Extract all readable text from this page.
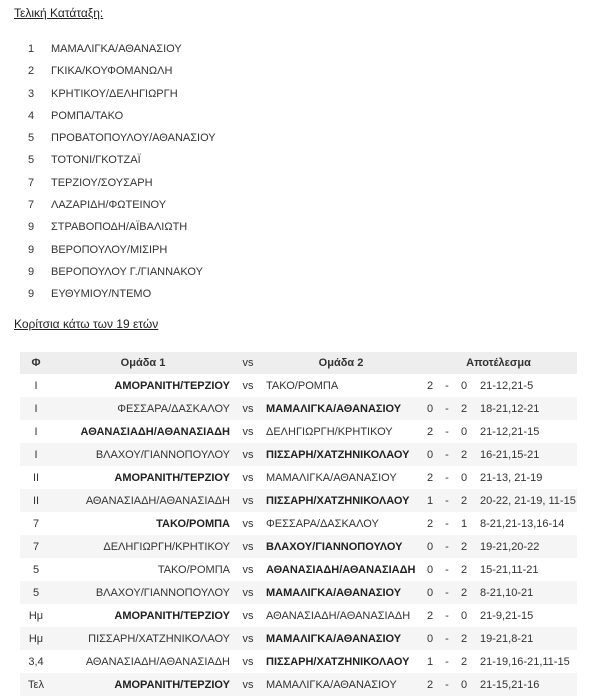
Τελική Κατάταξη:

1 ΜΑΜΑΛΙΓΚΑ/ΑΘΑΝΑΣΙΟΥ
2 ΓΚΙΚΑ/ΚΟΥΦΟΜΑΝΩΛΗ
3 ΚΡΗΤΙΚΟΥ/ΔΕΛΗΓΙΩΡΓΗ
4 ΡΟΜΠΑ/ΤΑΚΟ
5 ΠΡΟΒΑΤΟΠΟΥΛΟΥ/ΑΘΑΝΑΣΙΟΥ
5 ΤΟΤΟΝΙ/ΓΚΟΤΖΑΪ
7 ΤΕΡΖΙΟΥ/ΣΟΥΣΑΡΗ
7 ΛΑΖΑΡΙΔΗ/ΦΩΤΕΙΝΟΥ
9 ΣΤΡΑΒΟΠΟΔΗ/ΑΪΒΑΛΙΩΤΗ
9 ΒΕΡΟΠΟΥΛΟΥ/ΜΙΣΙΡΗ
9 ΒΕΡΟΠΟΥΛΟΥ Γ./ΓΙΑΝΝΑΚΟΥ
9 ΕΥΘΥΜΙΟΥ/ΝΤΕΜΟ

Κορίτσια κάτω των 19 ετών

Φ	Ομάδα 1	vs	Ομάδα 2	Αποτέλεσμα			
I	ΑΜΟΡΑΝΙΤΗ/ΤΕΡΖΙΟΥ	vs	ΤΑΚΟ/ΡΟΜΠΑ	2	-	0	21-12,21-5
I	ΦΕΣΣΑΡΑ/ΔΑΣΚΑΛΟΥ	vs	ΜΑΜΑΛΙΓΚΑ/ΑΘΑΝΑΣΙΟΥ	0	-	2	18-21,12-21
I	ΑΘΑΝΑΣΙΑΔΗ/ΑΘΑΝΑΣΙΑΔΗ	vs	ΔΕΛΗΓΙΩΡΓΗ/ΚΡΗΤΙΚΟΥ	2	-	0	21-12,21-15
I	ΒΛΑΧΟΥ/ΓΙΑΝΝΟΠΟΥΛΟΥ	vs	ΠΙΣΣΑΡΗ/ΧΑΤΖΗΝΙΚΟΛΑΟΥ	0	-	2	16-21,15-21
II	ΑΜΟΡΑΝΙΤΗ/ΤΕΡΖΙΟΥ	vs	ΜΑΜΑΛΙΓΚΑ/ΑΘΑΝΑΣΙΟΥ	2	-	0	21-13, 21-19
II	ΑΘΑΝΑΣΙΑΔΗ/ΑΘΑΝΑΣΙΑΔΗ	vs	ΠΙΣΣΑΡΗ/ΧΑΤΖΗΝΙΚΟΛΑΟΥ	1	-	2	20-22, 21-19, 11-15
7	ΤΑΚΟ/ΡΟΜΠΑ	vs	ΦΕΣΣΑΡΑ/ΔΑΣΚΑΛΟΥ	2	-	1	8-21,21-13,16-14
7	ΔΕΛΗΓΙΩΡΓΗ/ΚΡΗΤΙΚΟΥ	vs	ΒΛΑΧΟΥ/ΓΙΑΝΝΟΠΟΥΛΟΥ	0	-	2	19-21,20-22
5	ΤΑΚΟ/ΡΟΜΠΑ	vs	ΑΘΑΝΑΣΙΑΔΗ/ΑΘΑΝΑΣΙΑΔΗ	0	-	2	15-21,11-21
5	ΒΛΑΧΟΥ/ΓΙΑΝΝΟΠΟΥΛΟΥ	vs	ΜΑΜΑΛΙΓΚΑ/ΑΘΑΝΑΣΙΟΥ	0	-	2	8-21,10-21
Ημ	ΑΜΟΡΑΝΙΤΗ/ΤΕΡΖΙΟΥ	vs	ΑΘΑΝΑΣΙΑΔΗ/ΑΘΑΝΑΣΙΑΔΗ	2	-	0	21-9,21-15
Ημ	ΠΙΣΣΑΡΗ/ΧΑΤΖΗΝΙΚΟΛΑΟΥ	vs	ΜΑΜΑΛΙΓΚΑ/ΑΘΑΝΑΣΙΟΥ	0	-	2	19-21,8-21
3,4	ΑΘΑΝΑΣΙΑΔΗ/ΑΘΑΝΑΣΙΑΔΗ	vs	ΠΙΣΣΑΡΗ/ΧΑΤΖΗΝΙΚΟΛΑΟΥ	1	-	2	21-19,16-21,11-15
Τελ	ΑΜΟΡΑΝΙΤΗ/ΤΕΡΖΙΟΥ	vs	ΜΑΜΑΛΙΓΚΑ/ΑΘΑΝΑΣΙΟΥ	2	-	0	21-15,21-16
